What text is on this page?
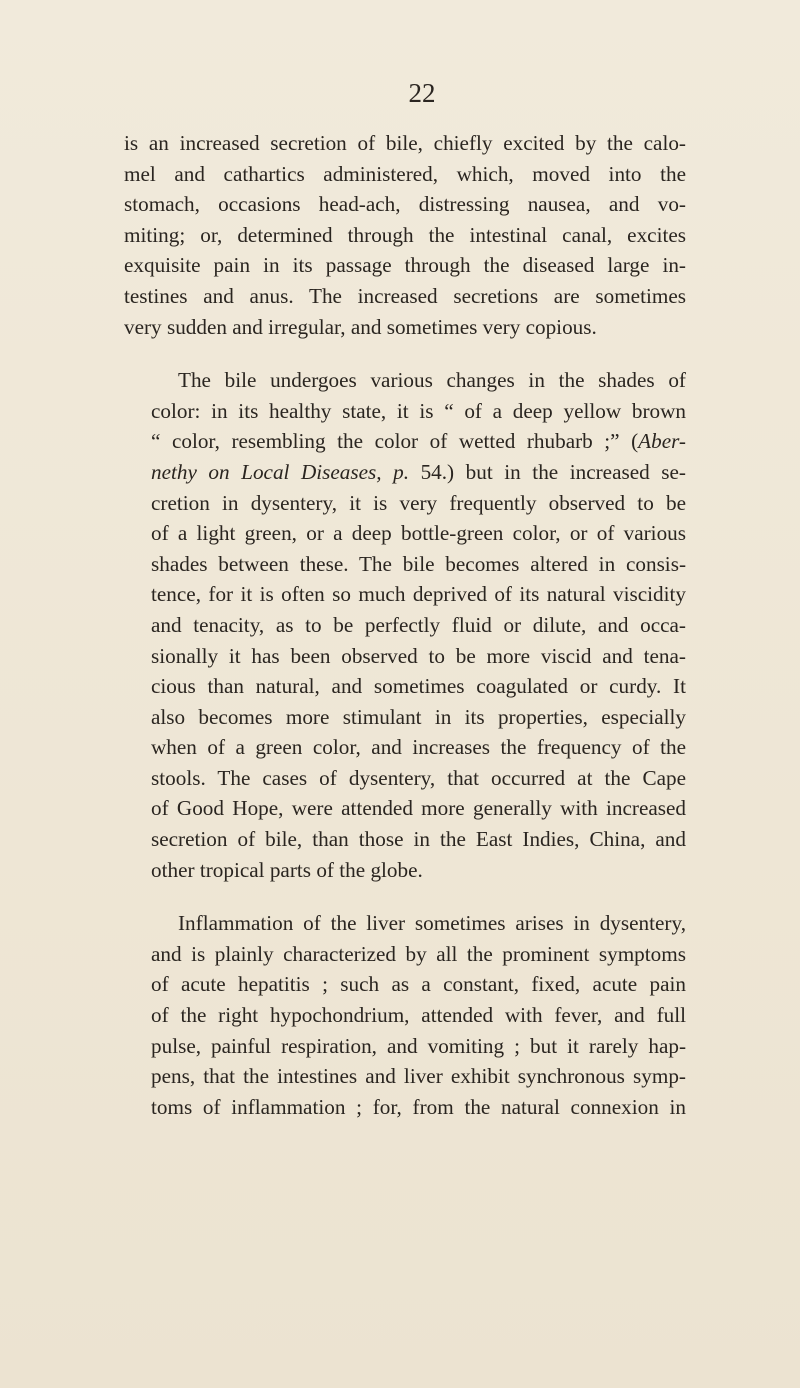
22
is an increased secretion of bile, chiefly excited by the calo-
mel and cathartics administered, which, moved into the
stomach, occasions head-ach, distressing nausea, and vo-
miting; or, determined through the intestinal canal, excites
exquisite pain in its passage through the diseased large in-
testines and anus. The increased secretions are sometimes
very sudden and irregular, and sometimes very copious.
The bile undergoes various changes in the shades of
color: in its healthy state, it is “ of a deep yellow brown
“ color, resembling the color of wetted rhubarb ;” (Aber-
nethy on Local Diseases, p. 54.) but in the increased se-
cretion in dysentery, it is very frequently observed to be
of a light green, or a deep bottle-green color, or of various
shades between these. The bile becomes altered in consis-
tence, for it is often so much deprived of its natural viscidity
and tenacity, as to be perfectly fluid or dilute, and occa-
sionally it has been observed to be more viscid and tena-
cious than natural, and sometimes coagulated or curdy. It
also becomes more stimulant in its properties, especially
when of a green color, and increases the frequency of the
stools. The cases of dysentery, that occurred at the Cape
of Good Hope, were attended more generally with increased
secretion of bile, than those in the East Indies, China, and
other tropical parts of the globe.
Inflammation of the liver sometimes arises in dysentery,
and is plainly characterized by all the prominent symptoms
of acute hepatitis ; such as a constant, fixed, acute pain
of the right hypochondrium, attended with fever, and full
pulse, painful respiration, and vomiting ; but it rarely hap-
pens, that the intestines and liver exhibit synchronous symp-
toms of inflammation ; for, from the natural connexion in
